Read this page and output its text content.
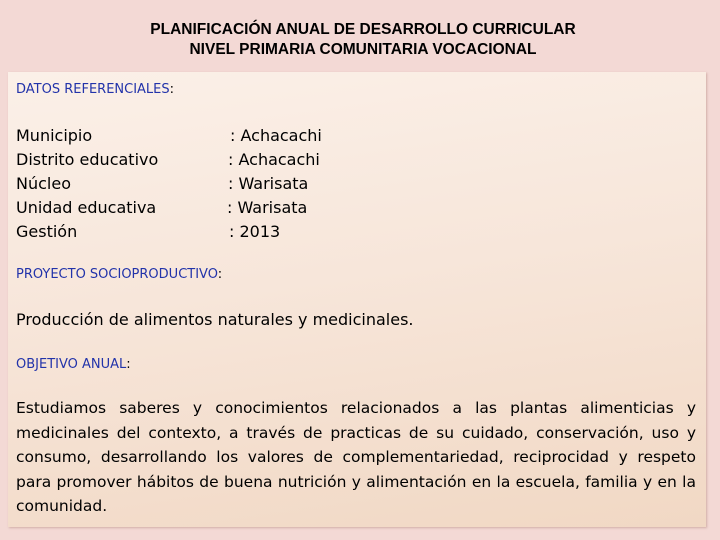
PLANIFICACIÓN ANUAL DE DESARROLLO CURRICULAR
NIVEL PRIMARIA COMUNITARIA VOCACIONAL
DATOS REFERENCIALES:
Municipio	: Achacachi
Distrito educativo	: Achacachi
Núcleo	: Warisata
Unidad educativa	: Warisata
Gestión	: 2013
PROYECTO SOCIOPRODUCTIVO:
Producción de alimentos naturales y medicinales.
OBJETIVO ANUAL:
Estudiamos saberes y conocimientos relacionados a las plantas alimenticias y medicinales del contexto, a través de practicas de su cuidado, conservación, uso y consumo, desarrollando los valores de complementariedad, reciprocidad y respeto para promover hábitos de buena nutrición y alimentación en la escuela, familia y en la comunidad.
